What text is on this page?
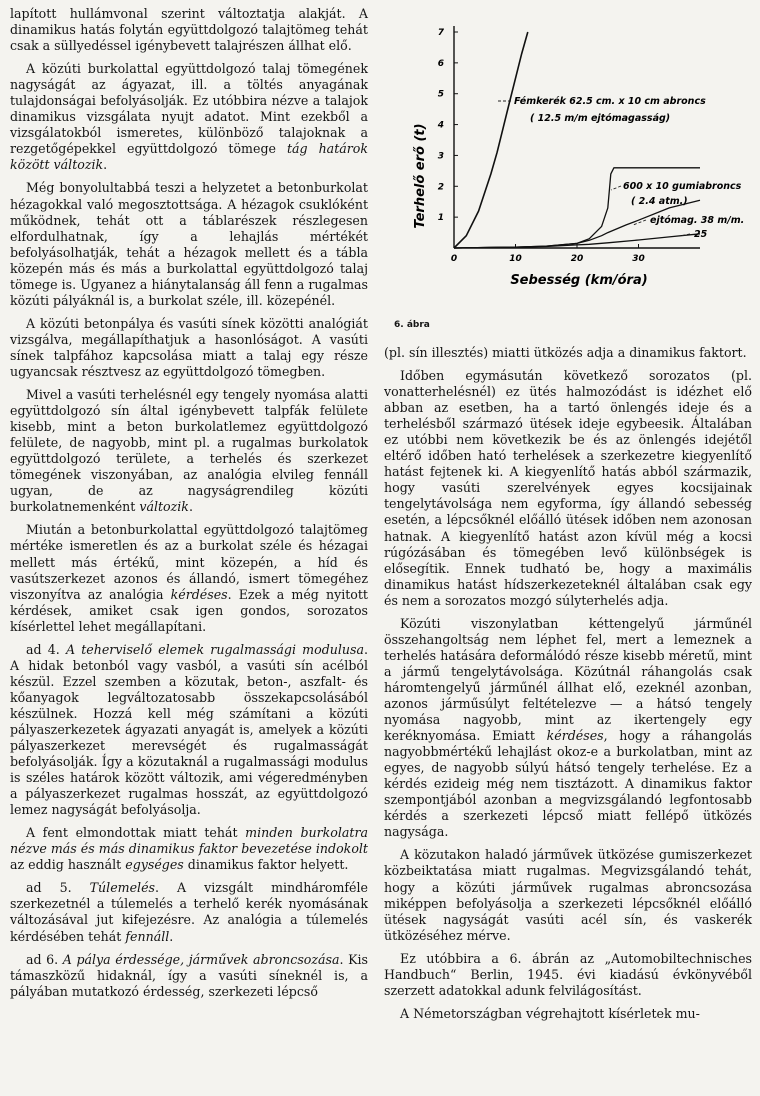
lapított hullámvonal szerint változtatja alakját. A dinamikus hatás folytán együttdolgozó talajtömeg tehát csak a süllyedéssel igénybevett talajrészen állhat elő.

A közúti burkolattal együttdolgozó talaj tömegének nagyságát az ágyazat, ill. a töltés anyagának tulajdonságai befolyásolják. Ez utóbbira nézve a talajok dinamikus vizsgálata nyujt adatot. Mint ezekből a vizsgálatokból ismeretes, különböző talajoknak a rezgetőgépekkel együttdolgozó tömege tág határok között változik.

Még bonyolultabbá teszi a helyzetet a betonburkolat hézagokkal való megosztottsága. A hézagok csuklóként működnek, tehát ott a táblarészek részlegesen elfordulhatnak, így a lehajlás mértékét befolyásolhatják, tehát a hézagok mellett és a tábla közepén más és más a burkolattal együttdolgozó talaj tömege is. Ugyanez a hiánytalanság áll fenn a rugalmas közúti pályáknál is, a burkolat széle, ill. közepénél.

A közúti betonpálya és vasúti sínek közötti analógiát vizsgálva, megállapíthatjuk a hasonlóságot. A vasúti sínek talpfához kapcsolása miatt a talaj egy része ugyancsak résztvesz az együttdolgozó tömegben.

Mivel a vasúti terhelésnél egy tengely nyomása alatti együttdolgozó sín által igénybevett talpfák felülete kisebb, mint a beton burkolatlemez együttdolgozó felülete, de nagyobb, mint pl. a rugalmas burkolatok együttdolgozó területe, a terhelés és szerkezet tömegének viszonyában, az analógia elvileg fennáll ugyan, de az nagyságrendileg közúti burkolatnemenként változik.

Miután a betonburkolattal együttdolgozó talajtömeg mértéke ismeretlen és az a burkolat széle és hézagai mellett más értékű, mint közepén, a híd és vasútszerkezet azonos és állandó, ismert tömegéhez viszonyítva az analógia kérdéses. Ezek a még nyitott kérdések, amiket csak igen gondos, sorozatos kísérlettel lehet megállapítani.

ad 4. A teherviselő elemek rugalmassági modulusa. A hidak betonból vagy vasból, a vasúti sín acélból készül. Ezzel szemben a közutak, beton-, aszfalt- és kőanyagok legváltozatosabb összekapcsolásából készülnek. Hozzá kell még számítani a közúti pályaszerkezetek ágyazati anyagát is, amelyek a közúti pályaszerkezet merevségét és rugalmasságát befolyásolják. Így a közutaknál a rugalmassági modulus is széles határok között változik, ami végeredményben a pályaszerkezet rugalmas hosszát, az együttdolgozó lemez nagyságát befolyásolja.

A fent elmondottak miatt tehát minden burkolatra nézve más és más dinamikus faktor bevezetése indokolt az eddig használt egységes dinamikus faktor helyett.

ad 5. Túlemelés. A vizsgált mindháromféle szerkezetnél a túlemelés a terhelő kerék nyomásának változásával jut kifejezésre. Az analógia a túlemelés kérdésében tehát fennáll.

ad 6. A pálya érdessége, járművek abroncsozása. Kis támaszközű hidaknál, így a vasúti síneknél is, a pályában mutatkozó érdesség, szerkezeti lépcső

1
2
3
4
5
6
7
0	10	20	30
Terhelő erő (t)
Sebesség (km/óra)
Fémkerék 62.5 cm. x 10 cm abroncs
( 12.5 m/m ejtómagasság)
600 x 10 gumiabroncs
( 2.4 atm.)
ejtómag. 38 m/m.
25
6. ábra

(pl. sín illesztés) miatti ütközés adja a dinamikus faktort.

Időben egymásután következő sorozatos (pl. vonatterhelésnél) ez ütés halmozódást is idézhet elő abban az esetben, ha a tartó önlengés ideje és a terhelésből származó ütések ideje egybeesik. Általában ez utóbbi nem következik be és az önlengés idejétől eltérő időben ható terhelések a szerkezetre kiegyenlítő hatást fejtenek ki. A kiegyenlítő hatás abból származik, hogy vasúti szerelvények egyes kocsijainak tengelytávolsága nem egyforma, így állandó sebesség esetén, a lépcsőknél előálló ütések időben nem azonosan hatnak. A kiegyenlítő hatást azon kívül még a kocsi rúgózásában és tömegében levő különbségek is elősegítik. Ennek tudható be, hogy a maximális dinamikus hatást hídszerkezeteknél általában csak egy és nem a sorozatos mozgó súlyterhelés adja.

Közúti viszonylatban kéttengelyű járműnél összehangoltság nem léphet fel, mert a lemeznek a terhelés hatására deformálódó része kisebb méretű, mint a jármű tengelytávolsága. Közútnál ráhangolás csak háromtengelyű járműnél állhat elő, ezeknél azonban, azonos járműsúlyt feltételezve — a hátsó tengely nyomása nagyobb, mint az ikertengely egy keréknyomása. Emiatt kérdéses, hogy a ráhangolás nagyobbmértékű lehajlást okoz-e a burkolatban, mint az egyes, de nagyobb súlyú hátsó tengely terhelése. Ez a kérdés ezideig még nem tisztázott. A dinamikus faktor szempontjából azonban a megvizsgálandó legfontosabb kérdés a szerkezeti lépcső miatt fellépő ütközés nagysága.

A közutakon haladó járművek ütközése gumiszerkezet közbeiktatása miatt rugalmas. Megvizsgálandó tehát, hogy a közúti járművek rugalmas abroncsozása miképpen befolyásolja a szerkezeti lépcsőknél előálló ütések nagyságát vasúti acél sín, és vaskerék ütközéséhez mérve.

Ez utóbbira a 6. ábrán az „Automobiltechnisches Handbuch“ Berlin, 1945. évi kiadású évkönyvéből szerzett adatokkal adunk felvilágosítást.

A Németországban végrehajtott kísérletek mu-
